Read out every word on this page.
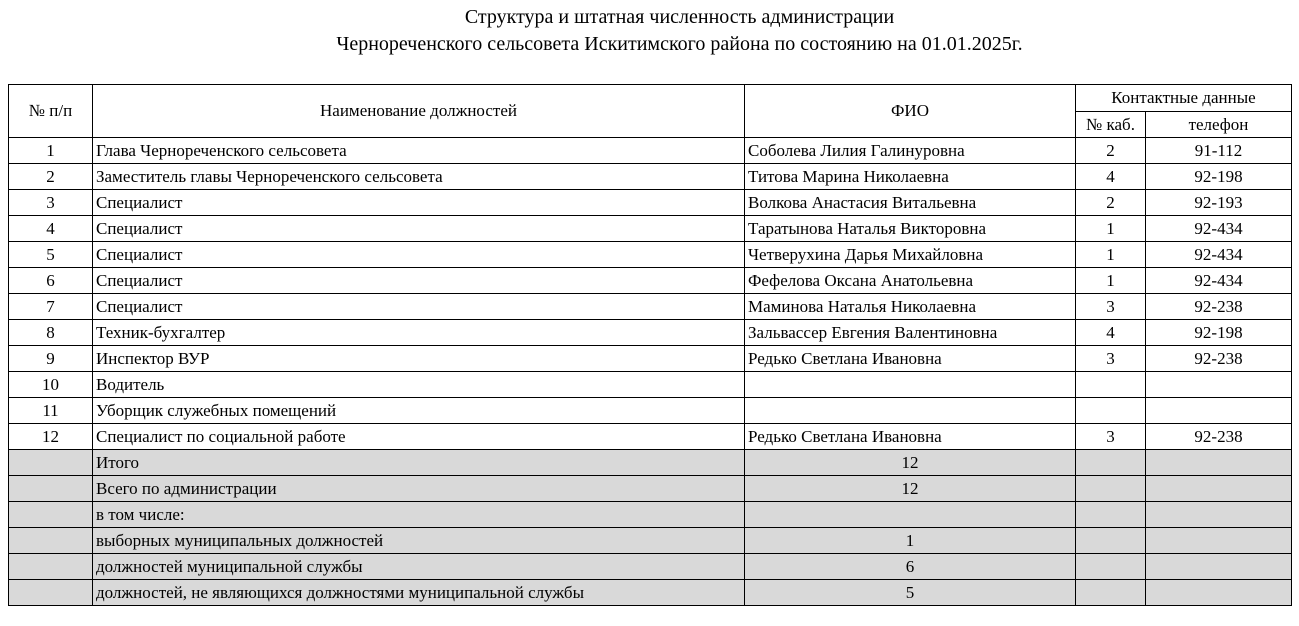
Структура и штатная численность администрации
Чернореченского сельсовета Искитимского района по состоянию на 01.01.2025г.
№ п/п	Наименование должностей	ФИО	Контактные данные	
			№ каб.	телефон
1	Глава Чернореченского сельсовета	Соболева Лилия Галинуровна	2	91-112
2	Заместитель главы Чернореченского сельсовета	Титова Марина Николаевна	4	92-198
3	Специалист	Волкова Анастасия Витальевна	2	92-193
4	Специалист	Таратынова Наталья Викторовна	1	92-434
5	Специалист	Четверухина Дарья Михайловна	1	92-434
6	Специалист	Фефелова Оксана Анатольевна	1	92-434
7	Специалист	Маминова Наталья Николаевна	3	92-238
8	Техник-бухгалтер	Зальвассер Евгения Валентиновна	4	92-198
9	Инспектор ВУР	Редько Светлана Ивановна	3	92-238
10	Водитель			
11	Уборщик служебных помещений			
12	Специалист по социальной работе	Редько Светлана Ивановна	3	92-238
	Итого	12		
	Всего по администрации	12		
	в том числе:			
	выборных муниципальных должностей	1		
	должностей муниципальной службы	6		
	должностей, не являющихся должностями муниципальной службы	5		
